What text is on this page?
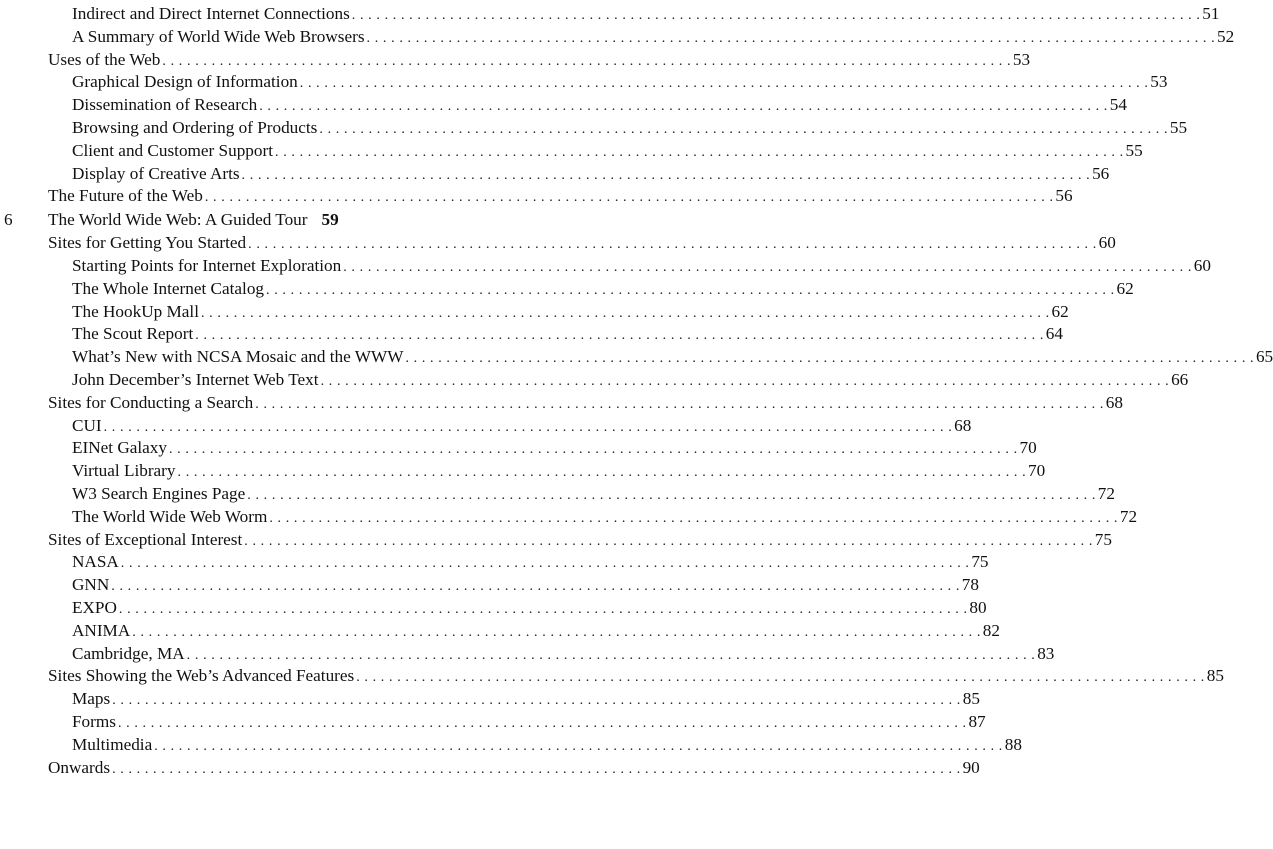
Indirect and Direct Internet Connections . . . . . . . . . . . . . . . . . . . . . . . . . . . . . . . . . . . . . . . . . . . . . . . . . . . . . . . . . . . . . . . . . . . . . . . . . . . . . . . . . . . . . . . . . . . . . . . . . . . . . . . . 51
A Summary of World Wide Web Browsers . . . . . . . . . . . . . . . . . . . . . . . . . . . . . . . . . . . . . . . . . . . . . . . . . . . . . . . . . . . . . . . . . . . . . . . . . . . . . . . . . . . . . . . . . . . . . . . . . . . . . . . . 52
Uses of the Web . . . . . . . . . . . . . . . . . . . . . . . . . . . . . . . . . . . . . . . . . . . . . . . . . . . . . . . . . . . . . . . . . . . . . . . . . . . . . . . . . . . . . . . . . . . . . . . . . . . . . . . . 53
Graphical Design of Information . . . . . . . . . . . . . . . . . . . . . . . . . . . . . . . . . . . . . . . . . . . . . . . . . . . . . . . . . . . . . . . . . . . . . . . . . . . . . . . . . . . . . . . . . . . . . . . . . . . . . . . . 53
Dissemination of Research . . . . . . . . . . . . . . . . . . . . . . . . . . . . . . . . . . . . . . . . . . . . . . . . . . . . . . . . . . . . . . . . . . . . . . . . . . . . . . . . . . . . . . . . . . . . . . . . . . . . . . . . 54
Browsing and Ordering of Products . . . . . . . . . . . . . . . . . . . . . . . . . . . . . . . . . . . . . . . . . . . . . . . . . . . . . . . . . . . . . . . . . . . . . . . . . . . . . . . . . . . . . . . . . . . . . . . . . . . . . . . . 55
Client and Customer Support . . . . . . . . . . . . . . . . . . . . . . . . . . . . . . . . . . . . . . . . . . . . . . . . . . . . . . . . . . . . . . . . . . . . . . . . . . . . . . . . . . . . . . . . . . . . . . . . . . . . . . . . 55
Display of Creative Arts . . . . . . . . . . . . . . . . . . . . . . . . . . . . . . . . . . . . . . . . . . . . . . . . . . . . . . . . . . . . . . . . . . . . . . . . . . . . . . . . . . . . . . . . . . . . . . . . . . . . . . . . 56
The Future of the Web . . . . . . . . . . . . . . . . . . . . . . . . . . . . . . . . . . . . . . . . . . . . . . . . . . . . . . . . . . . . . . . . . . . . . . . . . . . . . . . . . . . . . . . . . . . . . . . . . . . . . . . . 56
6 The World Wide Web: A Guided Tour 59
Sites for Getting You Started . . . . . . . . . . . . . . . . . . . . . . . . . . . . . . . . . . . . . . . . . . . . . . . . . . . . . . . . . . . . . . . . . . . . . . . . . . . . . . . . . . . . . . . . . . . . . . . . . . . . . . . . 60
Starting Points for Internet Exploration . . . . . . . . . . . . . . . . . . . . . . . . . . . . . . . . . . . . . . . . . . . . . . . . . . . . . . . . . . . . . . . . . . . . . . . . . . . . . . . . . . . . . . . . . . . . . . . . . . . . . . . . 60
The Whole Internet Catalog . . . . . . . . . . . . . . . . . . . . . . . . . . . . . . . . . . . . . . . . . . . . . . . . . . . . . . . . . . . . . . . . . . . . . . . . . . . . . . . . . . . . . . . . . . . . . . . . . . . . . . . . 62
The HookUp Mall . . . . . . . . . . . . . . . . . . . . . . . . . . . . . . . . . . . . . . . . . . . . . . . . . . . . . . . . . . . . . . . . . . . . . . . . . . . . . . . . . . . . . . . . . . . . . . . . . . . . . . . . 62
The Scout Report . . . . . . . . . . . . . . . . . . . . . . . . . . . . . . . . . . . . . . . . . . . . . . . . . . . . . . . . . . . . . . . . . . . . . . . . . . . . . . . . . . . . . . . . . . . . . . . . . . . . . . . . 64
What’s New with NCSA Mosaic and the WWW . . . . . . . . . . . . . . . . . . . . . . . . . . . . . . . . . . . . . . . . . . . . . . . . . . . . . . . . . . . . . . . . . . . . . . . . . . . . . . . . . . . . . . . . . . . . . . . . . . . . . . . . 65
John December’s Internet Web Text . . . . . . . . . . . . . . . . . . . . . . . . . . . . . . . . . . . . . . . . . . . . . . . . . . . . . . . . . . . . . . . . . . . . . . . . . . . . . . . . . . . . . . . . . . . . . . . . . . . . . . . . 66
Sites for Conducting a Search . . . . . . . . . . . . . . . . . . . . . . . . . . . . . . . . . . . . . . . . . . . . . . . . . . . . . . . . . . . . . . . . . . . . . . . . . . . . . . . . . . . . . . . . . . . . . . . . . . . . . . . . 68
CUI . . . . . . . . . . . . . . . . . . . . . . . . . . . . . . . . . . . . . . . . . . . . . . . . . . . . . . . . . . . . . . . . . . . . . . . . . . . . . . . . . . . . . . . . . . . . . . . . . . . . . . . . 68
EINet Galaxy . . . . . . . . . . . . . . . . . . . . . . . . . . . . . . . . . . . . . . . . . . . . . . . . . . . . . . . . . . . . . . . . . . . . . . . . . . . . . . . . . . . . . . . . . . . . . . . . . . . . . . . . 70
Virtual Library . . . . . . . . . . . . . . . . . . . . . . . . . . . . . . . . . . . . . . . . . . . . . . . . . . . . . . . . . . . . . . . . . . . . . . . . . . . . . . . . . . . . . . . . . . . . . . . . . . . . . . . . 70
W3 Search Engines Page . . . . . . . . . . . . . . . . . . . . . . . . . . . . . . . . . . . . . . . . . . . . . . . . . . . . . . . . . . . . . . . . . . . . . . . . . . . . . . . . . . . . . . . . . . . . . . . . . . . . . . . . 72
The World Wide Web Worm . . . . . . . . . . . . . . . . . . . . . . . . . . . . . . . . . . . . . . . . . . . . . . . . . . . . . . . . . . . . . . . . . . . . . . . . . . . . . . . . . . . . . . . . . . . . . . . . . . . . . . . . 72
Sites of Exceptional Interest . . . . . . . . . . . . . . . . . . . . . . . . . . . . . . . . . . . . . . . . . . . . . . . . . . . . . . . . . . . . . . . . . . . . . . . . . . . . . . . . . . . . . . . . . . . . . . . . . . . . . . . . 75
NASA . . . . . . . . . . . . . . . . . . . . . . . . . . . . . . . . . . . . . . . . . . . . . . . . . . . . . . . . . . . . . . . . . . . . . . . . . . . . . . . . . . . . . . . . . . . . . . . . . . . . . . . . 75
GNN . . . . . . . . . . . . . . . . . . . . . . . . . . . . . . . . . . . . . . . . . . . . . . . . . . . . . . . . . . . . . . . . . . . . . . . . . . . . . . . . . . . . . . . . . . . . . . . . . . . . . . . . 78
EXPO . . . . . . . . . . . . . . . . . . . . . . . . . . . . . . . . . . . . . . . . . . . . . . . . . . . . . . . . . . . . . . . . . . . . . . . . . . . . . . . . . . . . . . . . . . . . . . . . . . . . . . . . 80
ANIMA . . . . . . . . . . . . . . . . . . . . . . . . . . . . . . . . . . . . . . . . . . . . . . . . . . . . . . . . . . . . . . . . . . . . . . . . . . . . . . . . . . . . . . . . . . . . . . . . . . . . . . . . 82
Cambridge, MA . . . . . . . . . . . . . . . . . . . . . . . . . . . . . . . . . . . . . . . . . . . . . . . . . . . . . . . . . . . . . . . . . . . . . . . . . . . . . . . . . . . . . . . . . . . . . . . . . . . . . . . . 83
Sites Showing the Web’s Advanced Features . . . . . . . . . . . . . . . . . . . . . . . . . . . . . . . . . . . . . . . . . . . . . . . . . . . . . . . . . . . . . . . . . . . . . . . . . . . . . . . . . . . . . . . . . . . . . . . . . . . . . . . . 85
Maps . . . . . . . . . . . . . . . . . . . . . . . . . . . . . . . . . . . . . . . . . . . . . . . . . . . . . . . . . . . . . . . . . . . . . . . . . . . . . . . . . . . . . . . . . . . . . . . . . . . . . . . . 85
Forms . . . . . . . . . . . . . . . . . . . . . . . . . . . . . . . . . . . . . . . . . . . . . . . . . . . . . . . . . . . . . . . . . . . . . . . . . . . . . . . . . . . . . . . . . . . . . . . . . . . . . . . . 87
Multimedia . . . . . . . . . . . . . . . . . . . . . . . . . . . . . . . . . . . . . . . . . . . . . . . . . . . . . . . . . . . . . . . . . . . . . . . . . . . . . . . . . . . . . . . . . . . . . . . . . . . . . . . . 88
Onwards . . . . . . . . . . . . . . . . . . . . . . . . . . . . . . . . . . . . . . . . . . . . . . . . . . . . . . . . . . . . . . . . . . . . . . . . . . . . . . . . . . . . . . . . . . . . . . . . . . . . . . . . 90
